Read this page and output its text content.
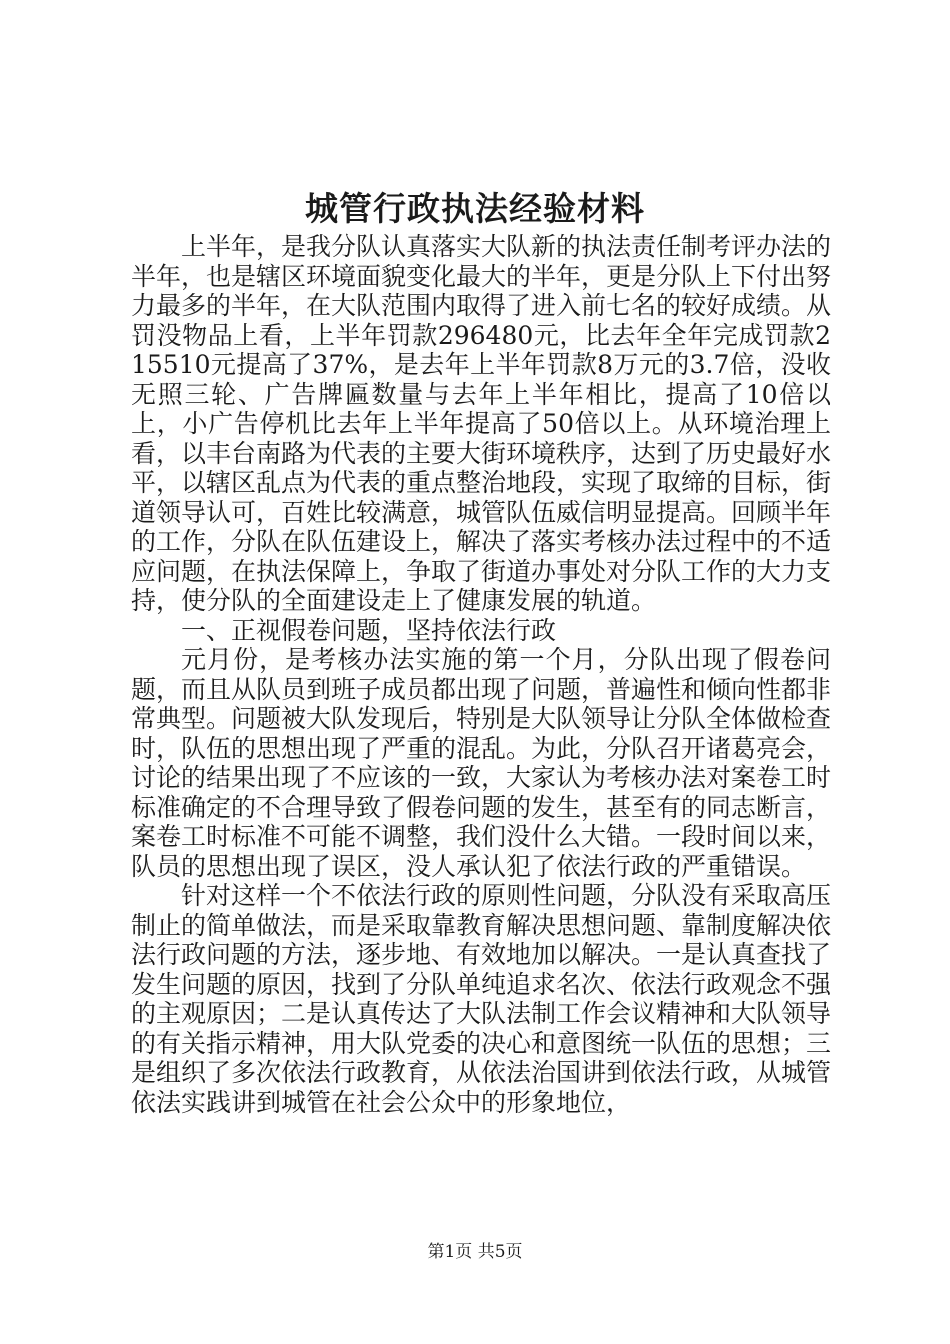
城管行政执法经验材料

上半年，是我分队认真落实大队新的执法责任制考评办法的半年，也是辖区环境面貌变化最大的半年，更是分队上下付出努力最多的半年，在大队范围内取得了进入前七名的较好成绩。从罚没物品上看，上半年罚款296480元，比去年全年完成罚款215510元提高了37%，是去年上半年罚款8万元的3.7倍，没收无照三轮、广告牌匾数量与去年上半年相比，提高了10倍以上，小广告停机比去年上半年提高了50倍以上。从环境治理上看，以丰台南路为代表的主要大街环境秩序，达到了历史最好水平，以辖区乱点为代表的重点整治地段，实现了取缔的目标，街道领导认可，百姓比较满意，城管队伍威信明显提高。回顾半年的工作，分队在队伍建设上，解决了落实考核办法过程中的不适应问题，在执法保障上，争取了街道办事处对分队工作的大力支持，使分队的全面建设走上了健康发展的轨道。

一、正视假卷问题，坚持依法行政

元月份，是考核办法实施的第一个月，分队出现了假卷问题，而且从队员到班子成员都出现了问题，普遍性和倾向性都非常典型。问题被大队发现后，特别是大队领导让分队全体做检查时，队伍的思想出现了严重的混乱。为此，分队召开诸葛亮会，讨论的结果出现了不应该的一致，大家认为考核办法对案卷工时标准确定的不合理导致了假卷问题的发生，甚至有的同志断言，案卷工时标准不可能不调整，我们没什么大错。一段时间以来，队员的思想出现了误区，没人承认犯了依法行政的严重错误。

针对这样一个不依法行政的原则性问题，分队没有采取高压制止的简单做法，而是采取靠教育解决思想问题、靠制度解决依法行政问题的方法，逐步地、有效地加以解决。一是认真查找了发生问题的原因，找到了分队单纯追求名次、依法行政观念不强的主观原因；二是认真传达了大队法制工作会议精神和大队领导的有关指示精神，用大队党委的决心和意图统一队伍的思想；三是组织了多次依法行政教育，从依法治国讲到依法行政，从城管依法实践讲到城管在社会公众中的形象地位，

第1页 共5页
